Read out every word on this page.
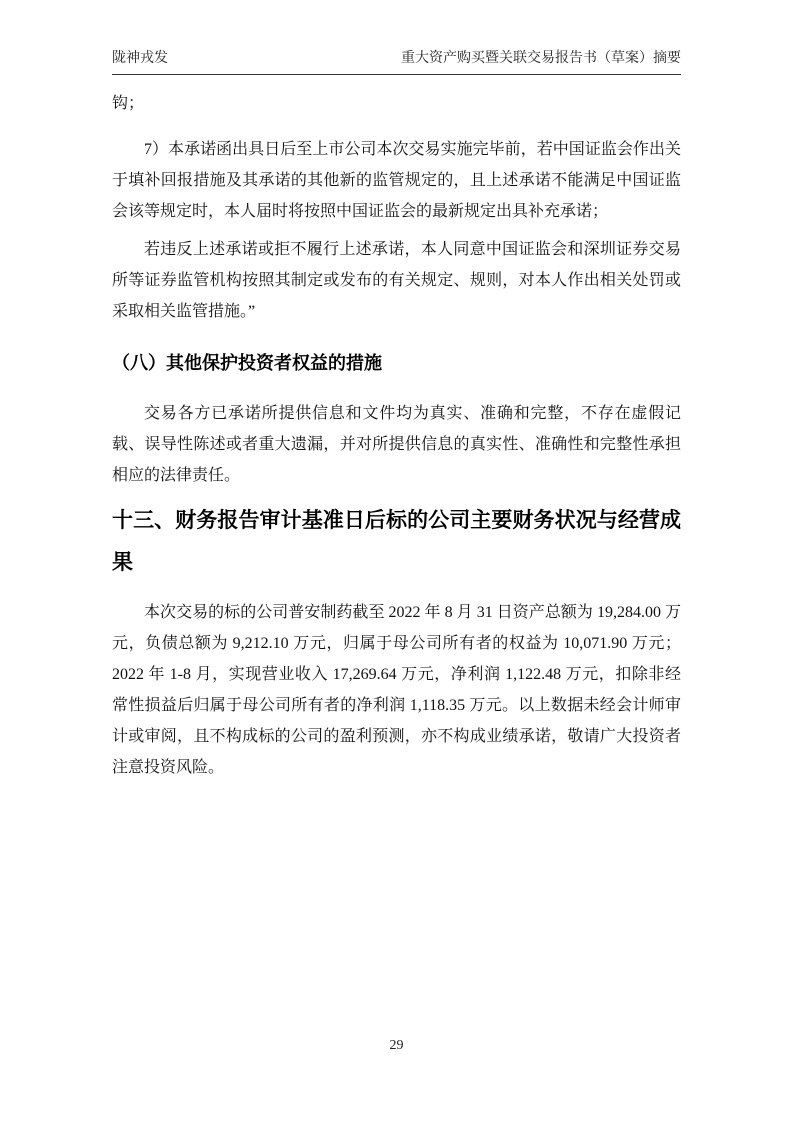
陇神戎发	重大资产购买暨关联交易报告书（草案）摘要

钩；

7）本承诺函出具日后至上市公司本次交易实施完毕前，若中国证监会作出关于填补回报措施及其承诺的其他新的监管规定的，且上述承诺不能满足中国证监会该等规定时，本人届时将按照中国证监会的最新规定出具补充承诺；

若违反上述承诺或拒不履行上述承诺，本人同意中国证监会和深圳证券交易所等证券监管机构按照其制定或发布的有关规定、规则，对本人作出相关处罚或采取相关监管措施。”

（八）其他保护投资者权益的措施

交易各方已承诺所提供信息和文件均为真实、准确和完整，不存在虚假记载、误导性陈述或者重大遗漏，并对所提供信息的真实性、准确性和完整性承担相应的法律责任。

十三、财务报告审计基准日后标的公司主要财务状况与经营成果

本次交易的标的公司普安制药截至 2022 年 8 月 31 日资产总额为 19,284.00 万元，负债总额为 9,212.10 万元，归属于母公司所有者的权益为 10,071.90 万元；2022 年 1-8 月，实现营业收入 17,269.64 万元，净利润 1,122.48 万元，扣除非经常性损益后归属于母公司所有者的净利润 1,118.35 万元。以上数据未经会计师审计或审阅，且不构成标的公司的盈利预测，亦不构成业绩承诺，敬请广大投资者注意投资风险。

29
